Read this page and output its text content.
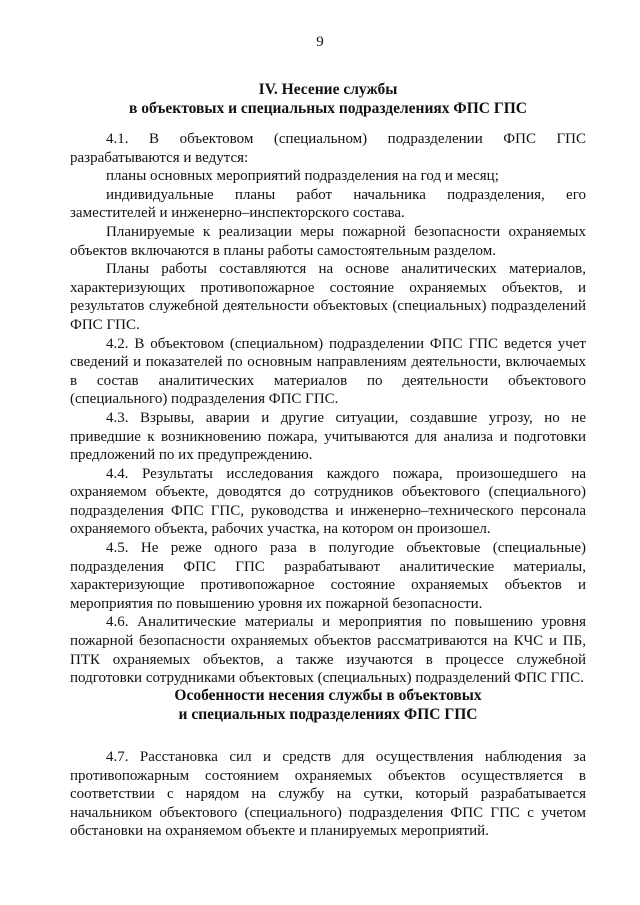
9
IV. Несение службы
в объектовых и специальных подразделениях ФПС ГПС

4.1. В объектовом (специальном) подразделении ФПС ГПС разрабатываются и ведутся:

планы основных мероприятий подразделения на год и месяц;

индивидуальные планы работ начальника подразделения, его заместителей и инженерно–инспекторского состава.

Планируемые к реализации меры пожарной безопасности охраняемых объектов включаются в планы работы самостоятельным разделом.

Планы работы составляются на основе аналитических материалов, характеризующих противопожарное состояние охраняемых объектов, и результатов служебной деятельности объектовых (специальных) подразделений ФПС ГПС.

4.2. В объектовом (специальном) подразделении ФПС ГПС ведется учет сведений и показателей по основным направлениям деятельности, включаемых в состав аналитических материалов по деятельности объектового (специального) подразделения ФПС ГПС.

4.3. Взрывы, аварии и другие ситуации, создавшие угрозу, но не приведшие к возникновению пожара, учитываются для анализа и подготовки предложений по их предупреждению.

4.4. Результаты исследования каждого пожара, произошедшего на охраняемом объекте, доводятся до сотрудников объектового (специального) подразделения ФПС ГПС, руководства и инженерно–технического персонала охраняемого объекта, рабочих участка, на котором он произошел.

4.5. Не реже одного раза в полугодие объектовые (специальные) подразделения ФПС ГПС разрабатывают аналитические материалы, характеризующие противопожарное состояние охраняемых объектов и мероприятия по повышению уровня их пожарной безопасности.

4.6. Аналитические материалы и мероприятия по повышению уровня пожарной безопасности охраняемых объектов рассматриваются на КЧС и ПБ, ПТК охраняемых объектов, а также изучаются в процессе служебной подготовки сотрудниками объектовых (специальных) подразделений ФПС ГПС.

Особенности несения службы в объектовых
и специальных подразделениях ФПС ГПС

4.7. Расстановка сил и средств для осуществления наблюдения за противопожарным состоянием охраняемых объектов осуществляется в соответствии с нарядом на службу на сутки, который разрабатывается начальником объектового (специального) подразделения ФПС ГПС с учетом обстановки на охраняемом объекте и планируемых мероприятий.
